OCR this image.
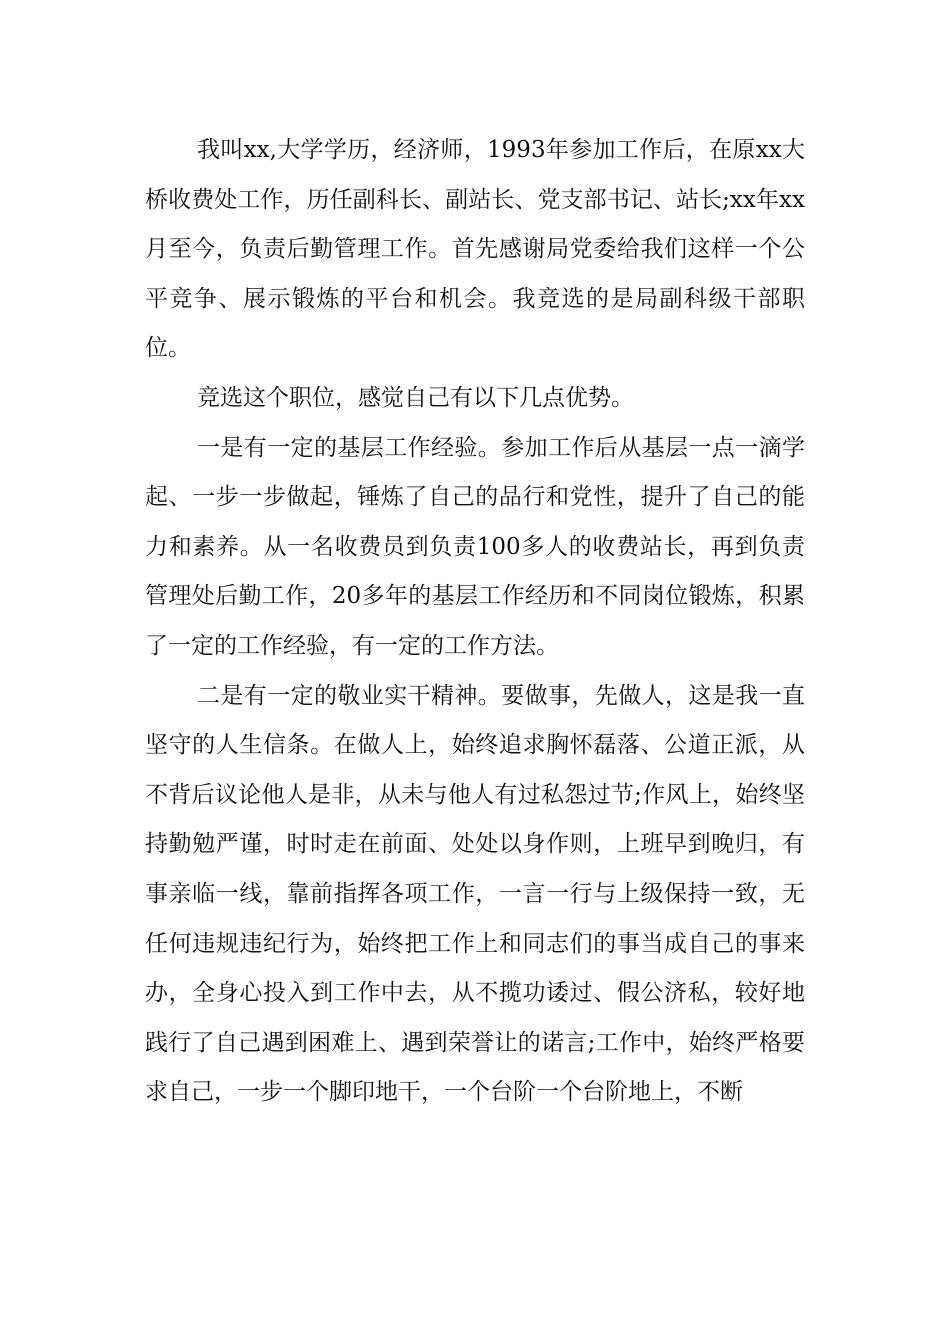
我叫xx,大学学历，经济师，1993年参加工作后，在原xx大桥收费处工作，历任副科长、副站长、党支部书记、站长;xx年xx月至今，负责后勤管理工作。首先感谢局党委给我们这样一个公平竞争、展示锻炼的平台和机会。我竞选的是局副科级干部职位。

竞选这个职位，感觉自己有以下几点优势。

一是有一定的基层工作经验。参加工作后从基层一点一滴学起、一步一步做起，锤炼了自己的品行和党性，提升了自己的能力和素养。从一名收费员到负责100多人的收费站长，再到负责管理处后勤工作，20多年的基层工作经历和不同岗位锻炼，积累了一定的工作经验，有一定的工作方法。

二是有一定的敬业实干精神。要做事，先做人，这是我一直坚守的人生信条。在做人上，始终追求胸怀磊落、公道正派，从不背后议论他人是非，从未与他人有过私怨过节;作风上，始终坚持勤勉严谨，时时走在前面、处处以身作则，上班早到晚归，有事亲临一线，靠前指挥各项工作，一言一行与上级保持一致，无任何违规违纪行为，始终把工作上和同志们的事当成自己的事来办，全身心投入到工作中去，从不揽功诿过、假公济私，较好地践行了自己遇到困难上、遇到荣誉让的诺言;工作中，始终严格要求自己，一步一个脚印地干，一个台阶一个台阶地上，不断
